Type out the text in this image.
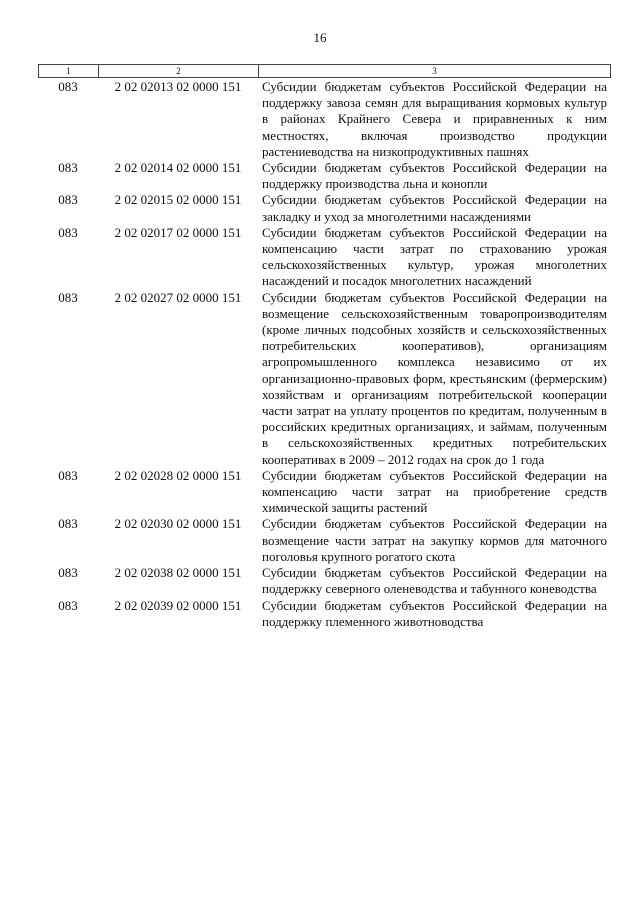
16
1	2	3
083	2 02 02013 02 0000 151	Субсидии бюджетам субъектов Российской Федерации на поддержку завоза семян для выращивания кормовых культур в районах Крайнего Севера и приравненных к ним местностях, включая производство продукции растениеводства на низкопродуктивных пашнях
083	2 02 02014 02 0000 151	Субсидии бюджетам субъектов Российской Федерации на поддержку производства льна и конопли
083	2 02 02015 02 0000 151	Субсидии бюджетам субъектов Российской Федерации на закладку и уход за многолетними насаждениями
083	2 02 02017 02 0000 151	Субсидии бюджетам субъектов Российской Федерации на компенсацию части затрат по страхованию урожая сельскохозяйственных культур, урожая многолетних насаждений и посадок многолетних насаждений
083	2 02 02027 02 0000 151	Субсидии бюджетам субъектов Российской Федерации на возмещение сельскохозяйственным товаропроизводителям (кроме личных подсобных хозяйств и сельскохозяйственных потребительских кооперативов), организациям агропромышленного комплекса независимо от их организационно-правовых форм, крестьянским (фермерским) хозяйствам и организациям потребительской кооперации части затрат на уплату процентов по кредитам, полученным в российских кредитных организациях, и займам, полученным в сельскохозяйственных кредитных потребительских кооперативах в 2009 – 2012 годах на срок до 1 года
083	2 02 02028 02 0000 151	Субсидии бюджетам субъектов Российской Федерации на компенсацию части затрат на приобретение средств химической защиты растений
083	2 02 02030 02 0000 151	Субсидии бюджетам субъектов Российской Федерации на возмещение части затрат на закупку кормов для маточного поголовья крупного рогатого скота
083	2 02 02038 02 0000 151	Субсидии бюджетам субъектов Российской Федерации на поддержку северного оленеводства и табунного коневодства
083	2 02 02039 02 0000 151	Субсидии бюджетам субъектов Российской Федерации на поддержку племенного животноводства
